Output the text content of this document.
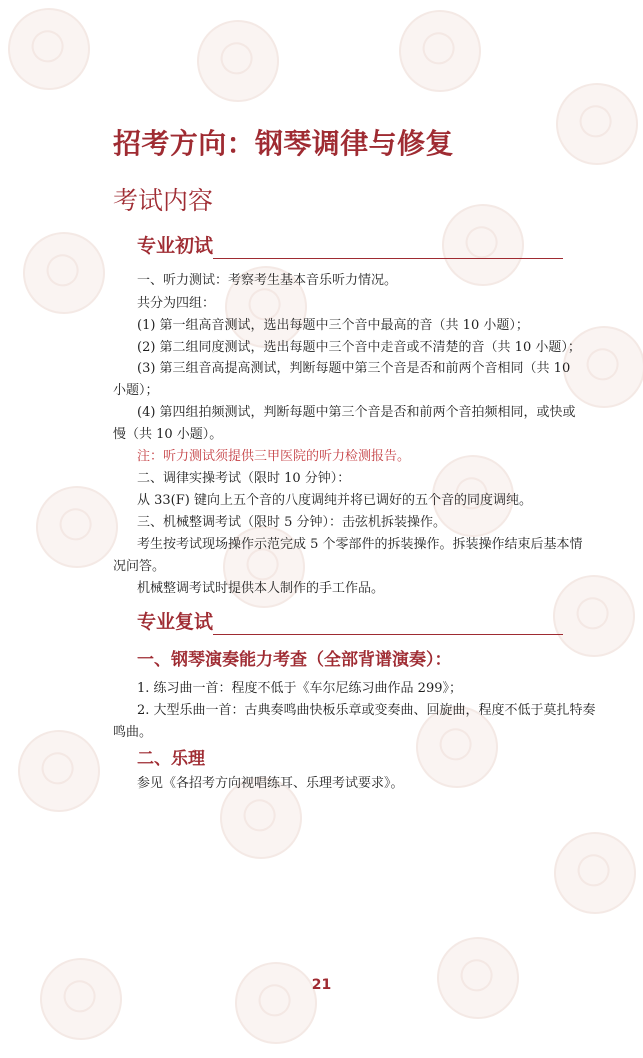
招考方向：钢琴调律与修复
考试内容
专业初试
一、听力测试：考察考生基本音乐听力情况。
共分为四组：
(1) 第一组高音测试，选出每题中三个音中最高的音（共 10 小题）；
(2) 第二组同度测试，选出每题中三个音中走音或不清楚的音（共 10 小题）；
(3) 第三组音高提高测试，判断每题中第三个音是否和前两个音相同（共 10
小题）；
(4) 第四组拍频测试，判断每题中第三个音是否和前两个音拍频相同，或快或
慢（共 10 小题）。
注：听力测试须提供三甲医院的听力检测报告。
二、调律实操考试（限时 10 分钟）：
从 33(F) 键向上五个音的八度调纯并将已调好的五个音的同度调纯。
三、机械整调考试（限时 5 分钟）：击弦机拆装操作。
考生按考试现场操作示范完成 5 个零部件的拆装操作。拆装操作结束后基本情
况问答。
机械整调考试时提供本人制作的手工作品。
专业复试
一、钢琴演奏能力考查（全部背谱演奏）：
1. 练习曲一首：程度不低于《车尔尼练习曲作品 299》；
2. 大型乐曲一首：古典奏鸣曲快板乐章或变奏曲、回旋曲，程度不低于莫扎特奏
鸣曲。
二、乐理
参见《各招考方向视唱练耳、乐理考试要求》。
21
